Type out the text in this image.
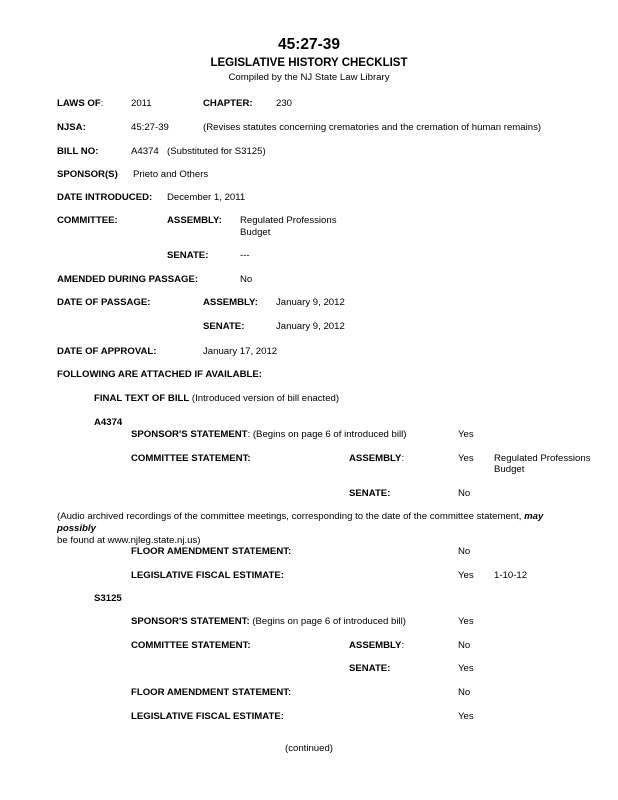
45:27-39
LEGISLATIVE HISTORY CHECKLIST
Compiled by the NJ State Law Library
LAWS OF:	2011	CHAPTER: 230
NJSA:	45:27-39	(Revises statutes concerning crematories and the cremation of human remains)
BILL NO:	A4374 (Substituted for S3125)
SPONSOR(S) Prieto and Others
DATE INTRODUCED: December 1, 2011
COMMITTEE:	ASSEMBLY: Regulated Professions
Budget
SENATE:	---
AMENDED DURING PASSAGE:	No
DATE OF PASSAGE:	ASSEMBLY: January 9, 2012
SENATE:	January 9, 2012
DATE OF APPROVAL:	January 17, 2012
FOLLOWING ARE ATTACHED IF AVAILABLE:
FINAL TEXT OF BILL (Introduced version of bill enacted)
A4374
SPONSOR'S STATEMENT: (Begins on page 6 of introduced bill)	Yes
COMMITTEE STATEMENT:	ASSEMBLY:	Yes Regulated Professions
Budget
SENATE:	No
(Audio archived recordings of the committee meetings, corresponding to the date of the committee statement, may possibly
be found at www.njleg.state.nj.us)
FLOOR AMENDMENT STATEMENT:	No
LEGISLATIVE FISCAL ESTIMATE:	Yes 1-10-12
S3125
SPONSOR'S STATEMENT: (Begins on page 6 of introduced bill)	Yes
COMMITTEE STATEMENT:	ASSEMBLY:	No
SENATE:	Yes
FLOOR AMENDMENT STATEMENT:	No
LEGISLATIVE FISCAL ESTIMATE:	Yes
(continued)
